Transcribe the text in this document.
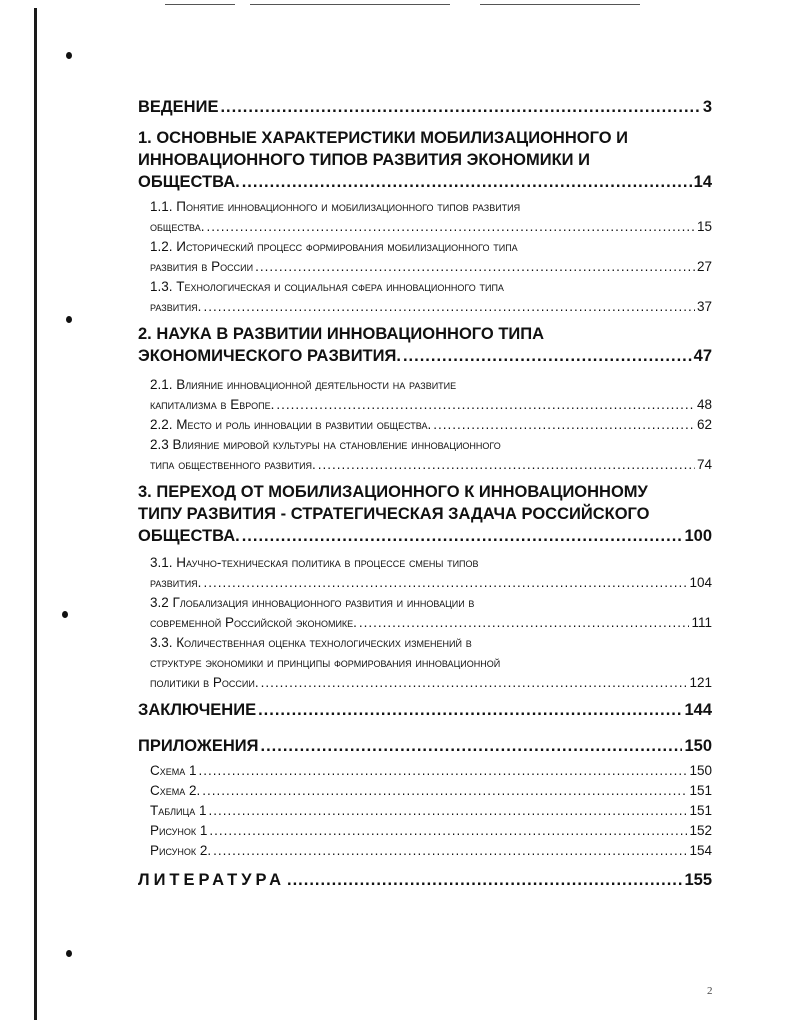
ВЕДЕНИЕ .....	3
1. ОСНОВНЫЕ ХАРАКТЕРИСТИКИ МОБИЛИЗАЦИОННОГО И
ИННОВАЦИОННОГО ТИПОВ РАЗВИТИЯ ЭКОНОМИКИ И
ОБЩЕСТВА. .....	14
1.1. Понятие инновационного и мобилизационного типов развития
общества. .....	15
1.2. Исторический процесс формирования мобилизационного типа
развития в России .....	27
1.3. Технологическая и социальная сфера инновационного типа
развития. .....	37
2. НАУКА В РАЗВИТИИ ИННОВАЦИОННОГО ТИПА
ЭКОНОМИЧЕСКОГО РАЗВИТИЯ. .....	47
2.1. Влияние инновационной деятельности на развитие
капитализма в Европе. .....	48
2.2. Место и роль инновации в развитии общества. .....	62
2.3 Влияние мировой культуры на становление инновационного
типа общественного развития. .....	74
3. ПЕРЕХОД ОТ МОБИЛИЗАЦИОННОГО К ИННОВАЦИОННОМУ
ТИПУ РАЗВИТИЯ - СТРАТЕГИЧЕСКАЯ ЗАДАЧА РОССИЙСКОГО
ОБЩЕСТВА. .....	100
3.1. Научно-техническая политика в процессе смены типов
развития. .....	104
3.2 Глобализация инновационного развития и инновации в
современной Российской экономике. .....	111
3.3. Количественная оценка технологических изменений в
структуре экономики и принципы формирования инновационной
политики в России. .....	121
ЗАКЛЮЧЕНИЕ .....	144
ПРИЛОЖЕНИЯ .....	150
Схема 1 .....	150
Схема 2. .....	151
Таблица 1 .....	151
Рисунок 1 .....	152
Рисунок 2. .....	154
ЛИТЕРАТУРА .....	155
2
